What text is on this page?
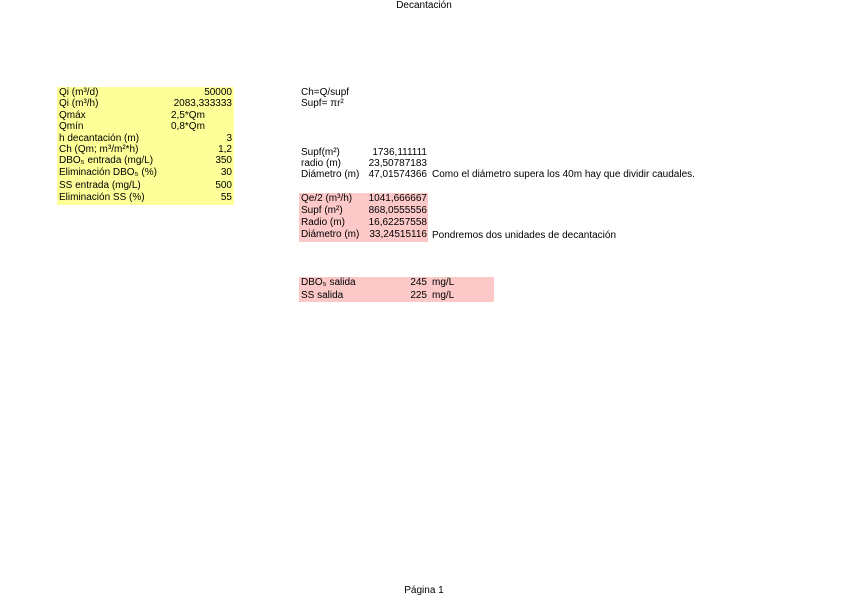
Decantación
Qi (m³/d)	50000
Qi (m³/h)	2083,333333
Qmáx	2,5*Qm
Qmín	0,8*Qm
h decantación (m)	3
Ch (Qm; m³/m²*h)	1,2
DBO₅ entrada (mg/L)	350
Eliminación DBO₅ (%)	30
SS entrada (mg/L)	500
Eliminación SS (%)	55
Ch=Q/supf
Supf= πr²
Supf(m²)	1736,111111
radio (m)	23,50787183
Diámetro (m) 47,01574366 Como el diámetro supera los 40m hay que dividir caudales.
Qe/2 (m³/h)	1041,666667
Supf (m²)	868,0555556
Radio (m)	16,62257558
Diámetro (m)	33,24515116 Pondremos dos unidades de decantación
DBO₅ salida	245 mg/L
SS salida	225 mg/L
Página 1
